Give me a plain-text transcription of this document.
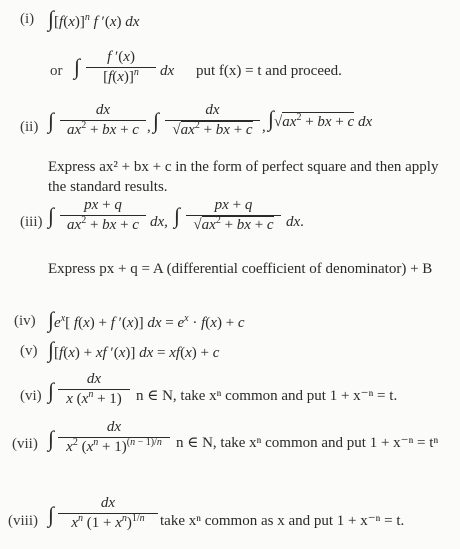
(i) $\int[f(x)]^n$ f ′(x) dx
or ∫	f ′(x)
$[f(x)]^n$	dx put f(x) = t and proceed.
(ii) ∫	dx
$ax^2$ + bx + c , ∫	dx
$√ax^2$ + bx + c , $\int√ax^2$ + bx + c dx
Express ax² + bx + c in the form of perfect square and then apply the standard results.
(iii) ∫	px + q
$ax^2$ + bx + c dx, ∫	px + q
$√ax^2$ + bx + c dx.
Express px + q = A (differential coefficient of denominator) + B
(iv) $\int e^x$[ f(x) + f ′(x)] dx = $e^x \cdot f(x) + c$
(v) ∫[f(x) + xf ′(x)] dx = xf(x) + c
(vi) ∫	dx
x $(x^n + 1)$ n ∈ N, take xⁿ common and put 1 + x⁻ⁿ = t.
(vii) ∫	dx
$x^2$ $(x^n + 1)^{(n - 1)/n}$ n ∈ N, take xⁿ common and put 1 + x⁻ⁿ = tⁿ
(viii) ∫	dx
$x^n$ $(1 + x^n)^{1/n}$	take xⁿ common as x and put 1 + x⁻ⁿ = t.
